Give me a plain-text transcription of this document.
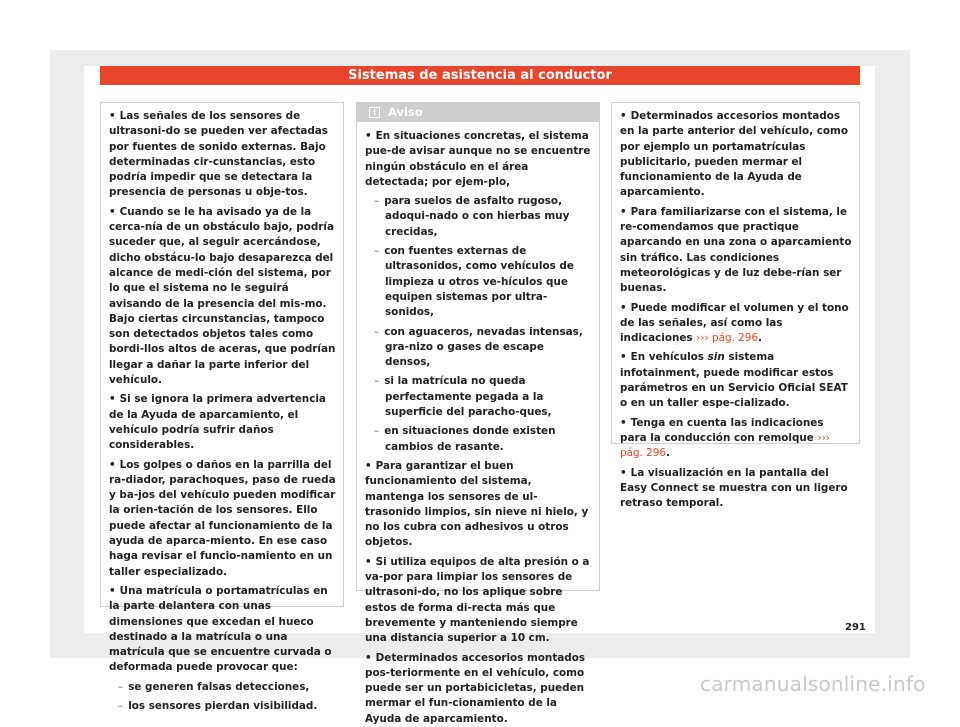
Sistemas de asistencia al conductor

• Las señales de los sensores de ultrasoni-do se pueden ver afectadas por fuentes de sonido externas. Bajo determinadas cir-cunstancias, esto podría impedir que se detectara la presencia de personas u obje-tos.

• Cuando se le ha avisado ya de la cerca-nía de un obstáculo bajo, podría suceder que, al seguir acercándose, dicho obstácu-lo bajo desaparezca del alcance de medi-ción del sistema, por lo que el sistema no le seguirá avisando de la presencia del mis-mo. Bajo ciertas circunstancias, tampoco son detectados objetos tales como bordi-llos altos de aceras, que podrían llegar a dañar la parte inferior del vehículo.

• Si se ignora la primera advertencia de la Ayuda de aparcamiento, el vehículo podría sufrir daños considerables.

• Los golpes o daños en la parrilla del ra-diador, parachoques, paso de rueda y ba-jos del vehículo pueden modificar la orien-tación de los sensores. Ello puede afectar al funcionamiento de la ayuda de aparca-miento. En ese caso haga revisar el funcio-namiento en un taller especializado.

• Una matrícula o portamatrículas en la parte delantera con unas dimensiones que excedan el hueco destinado a la matrícula o una matrícula que se encuentre curvada o deformada puede provocar que:

– se generen falsas detecciones,
– los sensores pierdan visibilidad.
i	Aviso

• En situaciones concretas, el sistema pue-de avisar aunque no se encuentre ningún obstáculo en el área detectada; por ejem-plo,

– para suelos de asfalto rugoso, adoqui-nado o con hierbas muy crecidas,
– con fuentes externas de ultrasonidos, como vehículos de limpieza u otros ve-hículos que equipen sistemas por ultra-sonidos,
– con aguaceros, nevadas intensas, gra-nizo o gases de escape densos,
– si la matrícula no queda perfectamente pegada a la superficie del paracho-ques,
– en situaciones donde existen cambios de rasante.

• Para garantizar el buen funcionamiento del sistema, mantenga los sensores de ul-trasonido limpios, sin nieve ni hielo, y no los cubra con adhesivos u otros objetos.

• Si utiliza equipos de alta presión o a va-por para limpiar los sensores de ultrasoni-do, no los aplique sobre estos de forma di-recta más que brevemente y manteniendo siempre una distancia superior a 10 cm.

• Determinados accesorios montados pos-teriormente en el vehículo, como puede ser un portabicicletas, pueden mermar el fun-cionamiento de la Ayuda de aparcamiento.

• Determinados accesorios montados en la parte anterior del vehículo, como por ejemplo un portamatrículas publicitario, pueden mermar el funcionamiento de la Ayuda de aparcamiento.

• Para familiarizarse con el sistema, le re-comendamos que practique aparcando en una zona o aparcamiento sin tráfico. Las condiciones meteorológicas y de luz debe-rían ser buenas.

• Puede modificar el volumen y el tono de las señales, así como las indicaciones ››› pág. 296.

• En vehículos sin sistema infotainment, puede modificar estos parámetros en un Servicio Oficial SEAT o en un taller espe-cializado.

• Tenga en cuenta las indicaciones para la conducción con remolque ››› pág. 296.

• La visualización en la pantalla del Easy Connect se muestra con un ligero retraso temporal.

291
carmanualsonline.info
